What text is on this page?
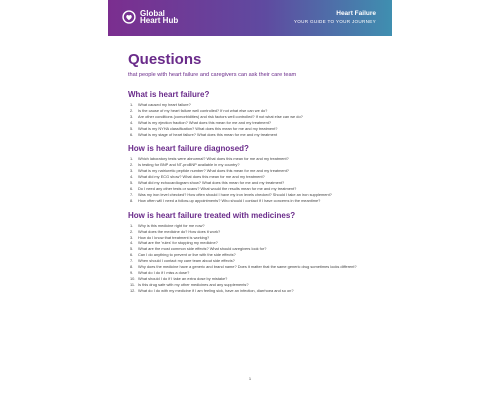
Global
Heart Hub
Heart Failure
YOUR GUIDE TO YOUR JOURNEY
Questions

that people with heart failure and caregivers can ask their care team

What is heart failure?
1. What caused my heart failure?
2. Is the cause of my heart failure well controlled? If not what else can we do?
3. Are other conditions (comorbidities) and risk factors well controlled? If not what else can we do?
4. What is my ejection fraction? What does this mean for me and my treatment?
5. What is my NYHA classification? What does this mean for me and my treatment?
6. What is my stage of heart failure? What does this mean for me and my treatment
How is heart failure diagnosed?
1. Which laboratory tests were abnormal? What does this mean for me and my treatment?
2. Is testing for BNP and NT-proBNP available in my country?
3. What is my natriuretic peptide number? What does this mean for me and my treatment?
4. What did my ECG show? What does this mean for me and my treatment?
5. What did my echocardiogram show? What does this mean for me and my treatment?
6. Do I need any other tests or scans? What would the results mean for me and my treatment?
7. Was my iron level checked? How often should I have my iron levels checked? Should I take an iron supplement?
8. How often will I need a follow-up appointments? Who should I contact if I have concerns in the meantime?
How is heart failure treated with medicines?
1. Why is this medicine right for me now?
2. What does the medicine do? How does it work?
3. How do I know that treatment is working?
4. What are the 'rules' for stopping my medicine?
5. What are the most common side effects? What should caregivers look for?
6. Can I do anything to prevent or live with the side effects?
7. When should I contact my care team about side effects?
8. Why does the medicine have a generic and brand name? Does it matter that the same generic drug sometimes looks different?
9. What do I do if I miss a dose?
10. What should I do if I take an extra dose by mistake?
11. Is this drug safe with my other medicines and any supplements?
12. What do I do with my medicine if I am feeling sick, have an infection, diarrhoea and so on?
1
